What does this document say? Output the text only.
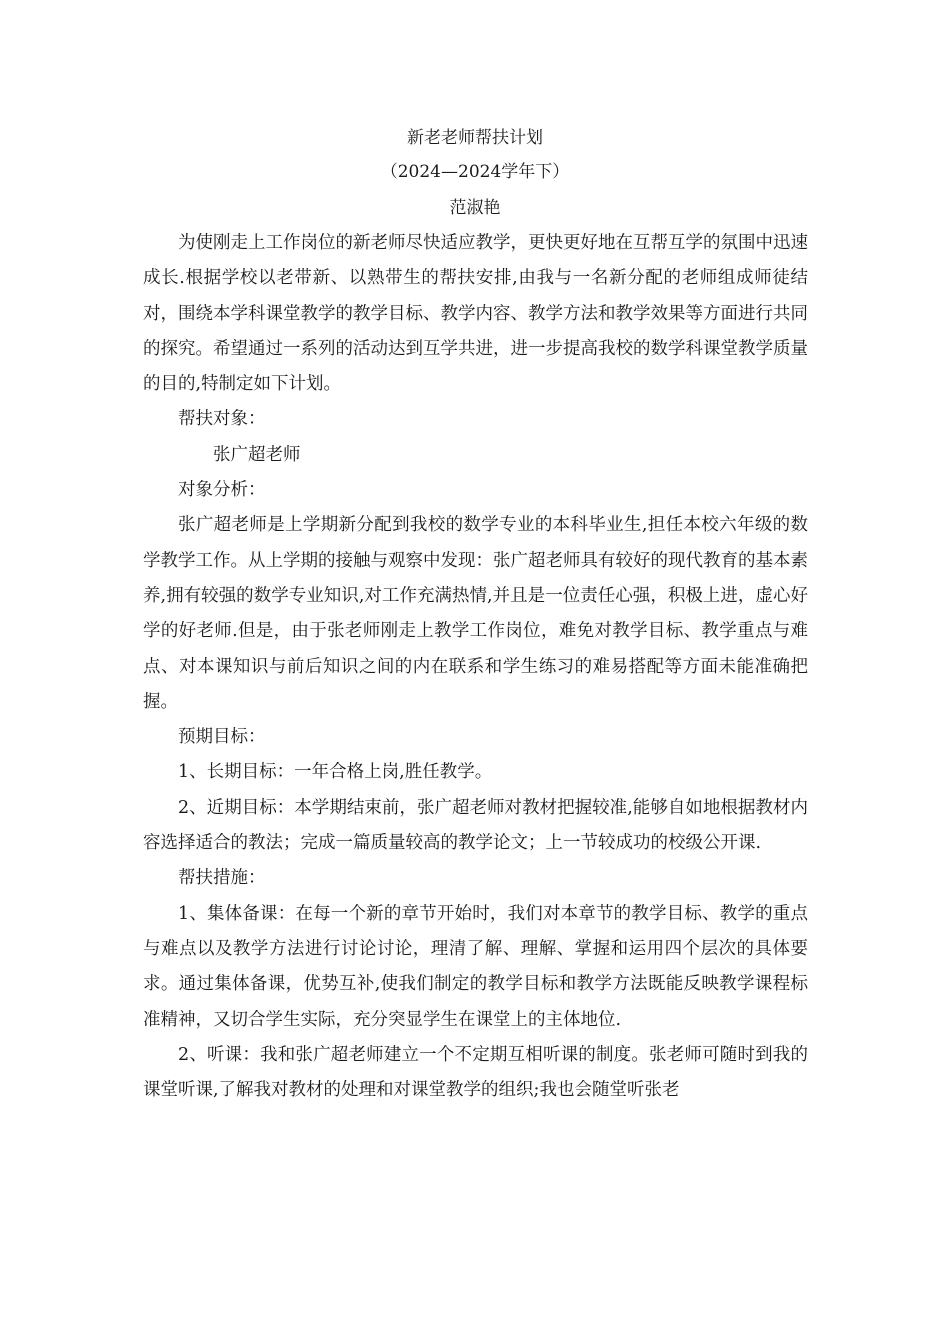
新老老师帮扶计划
（2024—2024学年下）
范淑艳

为使刚走上工作岗位的新老师尽快适应教学，更快更好地在互帮互学的氛围中迅速成长.根据学校以老带新、以熟带生的帮扶安排,由我与一名新分配的老师组成师徒结对，围绕本学科课堂教学的教学目标、教学内容、教学方法和教学效果等方面进行共同的探究。希望通过一系列的活动达到互学共进，进一步提高我校的数学科课堂教学质量的目的,特制定如下计划。

帮扶对象：

张广超老师

对象分析：

张广超老师是上学期新分配到我校的数学专业的本科毕业生,担任本校六年级的数学教学工作。从上学期的接触与观察中发现：张广超老师具有较好的现代教育的基本素养,拥有较强的数学专业知识,对工作充满热情,并且是一位责任心强，积极上进，虚心好学的好老师.但是，由于张老师刚走上教学工作岗位，难免对教学目标、教学重点与难点、对本课知识与前后知识之间的内在联系和学生练习的难易搭配等方面未能准确把握。

预期目标：

1、长期目标：一年合格上岗,胜任教学。

2、近期目标：本学期结束前，张广超老师对教材把握较准,能够自如地根据教材内容选择适合的教法；完成一篇质量较高的教学论文；上一节较成功的校级公开课.

帮扶措施：

1、集体备课：在每一个新的章节开始时，我们对本章节的教学目标、教学的重点与难点以及教学方法进行讨论讨论，理清了解、理解、掌握和运用四个层次的具体要求。通过集体备课，优势互补,使我们制定的教学目标和教学方法既能反映教学课程标准精神，又切合学生实际，充分突显学生在课堂上的主体地位.

2、听课：我和张广超老师建立一个不定期互相听课的制度。张老师可随时到我的课堂听课,了解我对教材的处理和对课堂教学的组织;我也会随堂听张老
